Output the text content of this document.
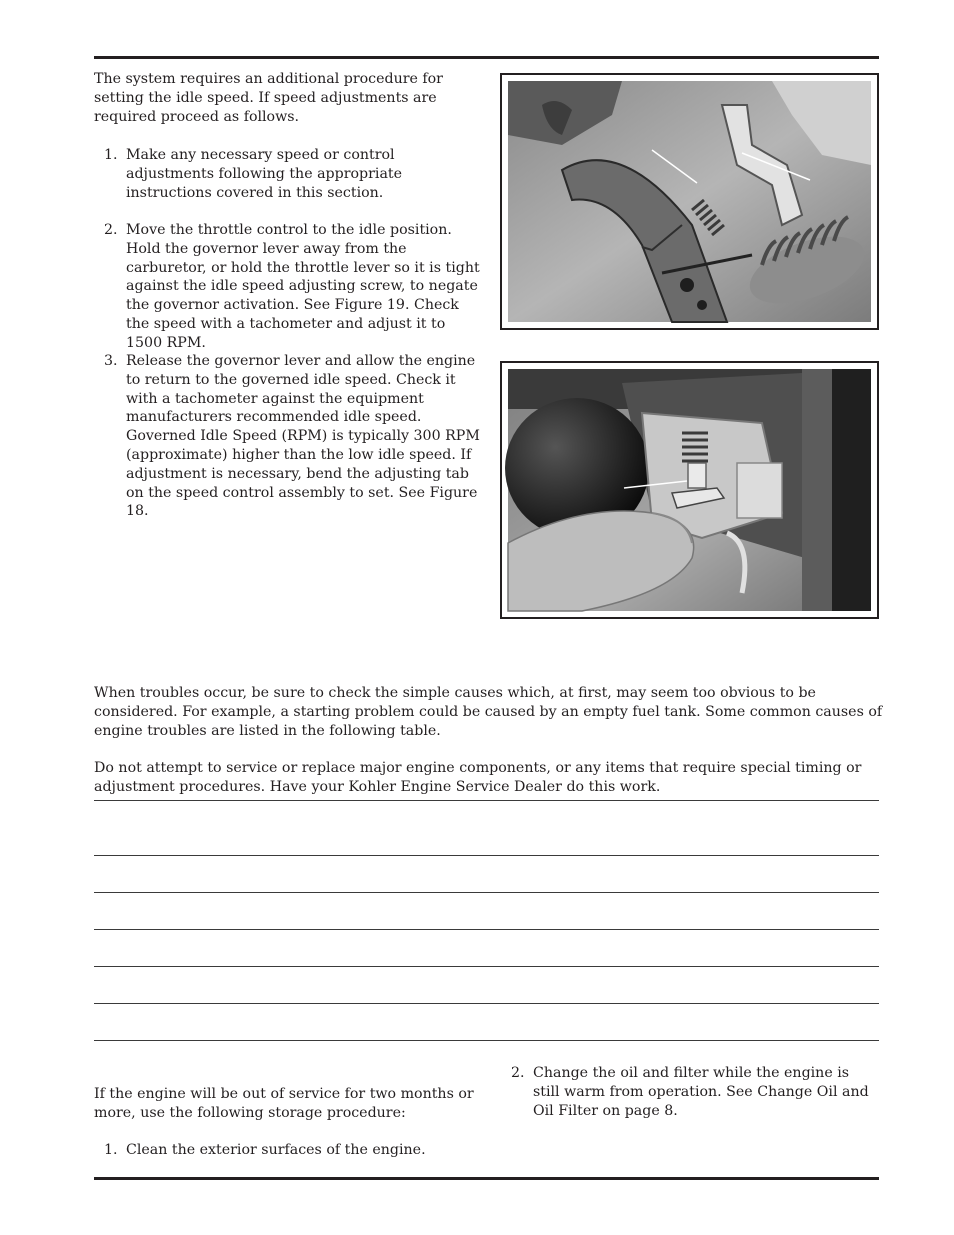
The system requires an additional procedure for setting the idle speed. If speed adjustments are required proceed as follows.

1. Make any necessary speed or control adjustments following the appropriate instructions covered in this section.
2. Move the throttle control to the idle position. Hold the governor lever away from the carburetor, or hold the throttle lever so it is tight against the idle speed adjusting screw, to negate the governor activation. See Figure 19. Check the speed with a tachometer and adjust it to 1500 RPM.
3. Release the governor lever and allow the engine to return to the governed idle speed. Check it with a tachometer against the equipment manufacturers recommended idle speed. Governed Idle Speed (RPM) is typically 300 RPM (approximate) higher than the low idle speed. If adjustment is necessary, bend the adjusting tab on the speed control assembly to set. See Figure 18.

When troubles occur, be sure to check the simple causes which, at first, may seem too obvious to be considered. For example, a starting problem could be caused by an empty fuel tank. Some common causes of engine troubles are listed in the following table.

Do not attempt to service or replace major engine components, or any items that require special timing or adjustment procedures. Have your Kohler Engine Service Dealer do this work.

If the engine will be out of service for two months or more, use the following storage procedure:

1. Clean the exterior surfaces of the engine.
2. Change the oil and filter while the engine is still warm from operation. See Change Oil and Oil Filter on page 8.
